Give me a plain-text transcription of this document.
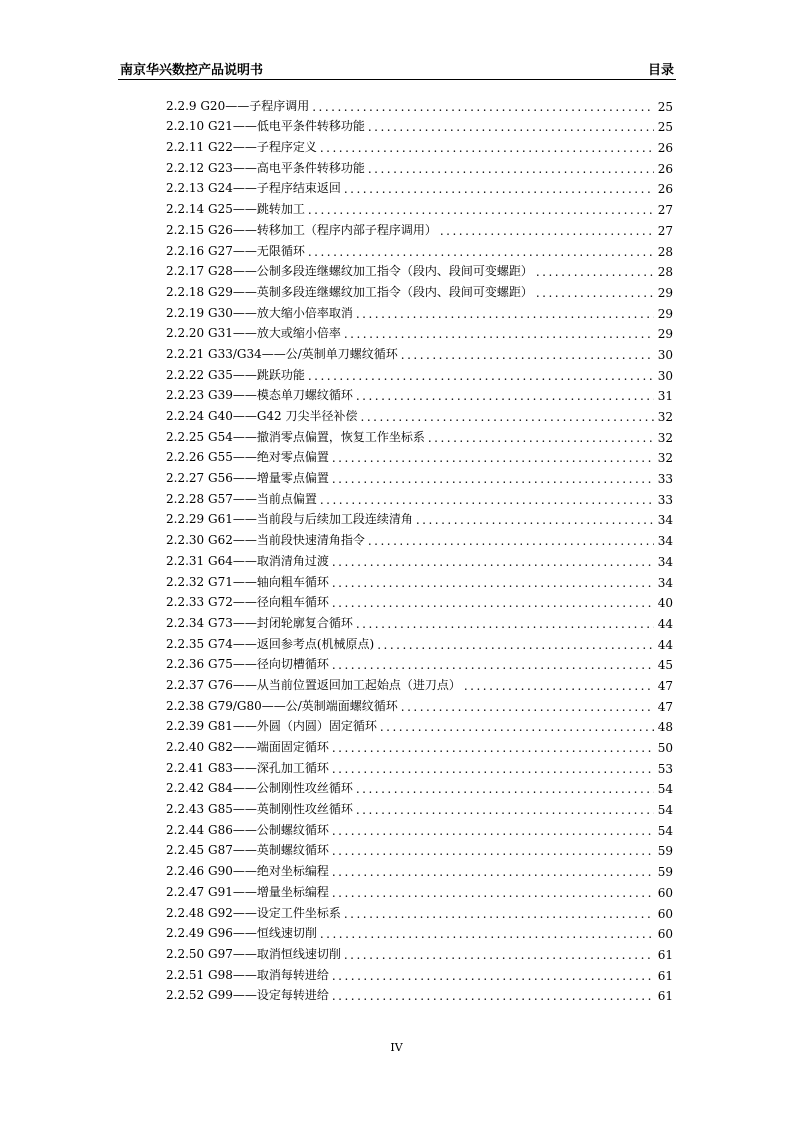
南京华兴数控产品说明书	目录
2.2.9 G20——子程序调用 .....	25
2.2.10 G21——低电平条件转移功能 .....	25
2.2.11 G22——子程序定义 .....	26
2.2.12 G23——高电平条件转移功能 .....	26
2.2.13 G24——子程序结束返回 .....	26
2.2.14 G25——跳转加工 .....	27
2.2.15 G26——转移加工（程序内部子程序调用） .....	27
2.2.16 G27——无限循环 .....	28
2.2.17 G28——公制多段连继螺纹加工指令（段内、段间可变螺距） .....	28
2.2.18 G29——英制多段连继螺纹加工指令（段内、段间可变螺距） .....	29
2.2.19 G30——放大缩小倍率取消 .....	29
2.2.20 G31——放大或缩小倍率 .....	29
2.2.21 G33/G34——公/英制单刀螺纹循环 .....	30
2.2.22 G35——跳跃功能 .....	30
2.2.23 G39——模态单刀螺纹循环 .....	31
2.2.24 G40——G42 刀尖半径补偿 .....	32
2.2.25 G54——撤消零点偏置，恢复工作坐标系 .....	32
2.2.26 G55——绝对零点偏置 .....	32
2.2.27 G56——增量零点偏置 .....	33
2.2.28 G57——当前点偏置 .....	33
2.2.29 G61——当前段与后续加工段连续清角 .....	34
2.2.30 G62——当前段快速清角指令 .....	34
2.2.31 G64——取消清角过渡 .....	34
2.2.32 G71——轴向粗车循环 .....	34
2.2.33 G72——径向粗车循环 .....	40
2.2.34 G73——封闭轮廓复合循环 .....	44
2.2.35 G74——返回参考点(机械原点) .....	44
2.2.36 G75——径向切槽循环 .....	45
2.2.37 G76——从当前位置返回加工起始点（进刀点） .....	47
2.2.38 G79/G80——公/英制端面螺纹循环 .....	47
2.2.39 G81——外圆（内圆）固定循环 .....	48
2.2.40 G82——端面固定循环 .....	50
2.2.41 G83——深孔加工循环 .....	53
2.2.42 G84——公制刚性攻丝循环 .....	54
2.2.43 G85——英制刚性攻丝循环 .....	54
2.2.44 G86——公制螺纹循环 .....	54
2.2.45 G87——英制螺纹循环 .....	59
2.2.46 G90——绝对坐标编程 .....	59
2.2.47 G91——增量坐标编程 .....	60
2.2.48 G92——设定工件坐标系 .....	60
2.2.49 G96——恒线速切削 .....	60
2.2.50 G97——取消恒线速切削 .....	61
2.2.51 G98——取消每转进给 .....	61
2.2.52 G99——设定每转进给 .....	61
IV
